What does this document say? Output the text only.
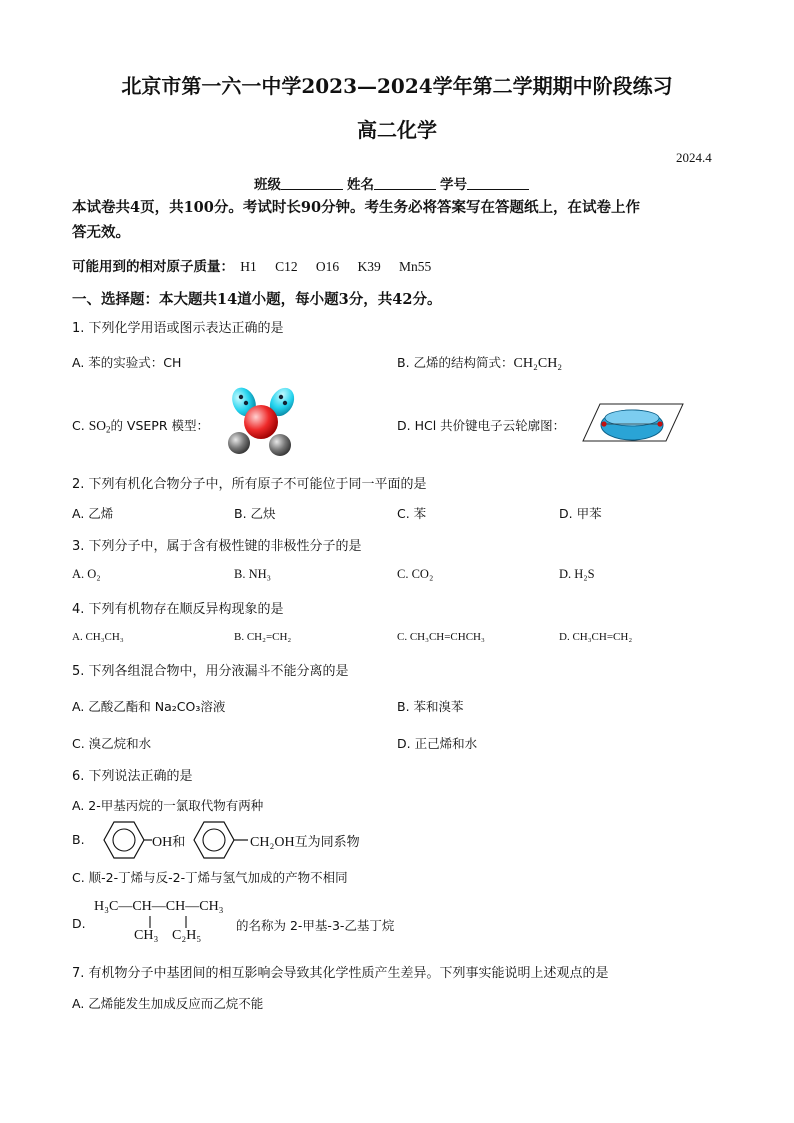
北京市第一六一中学2023—2024学年第二学期期中阶段练习
高二化学
2024.4
班级	姓名	学号
本试卷共4页，共100分。考试时长90分钟。考生务必将答案写在答题纸上，在试卷上作
答无效。
可能用到的相对原子质量： H1 C12 O16 K39 Mn55
一、选择题：本大题共14道小题，每小题3分，共42分。
1. 下列化学用语或图示表达正确的是
A. 苯的实验式：CH	B. 乙烯的结构简式：CH₂CH₂
C. $SO_2$的 VSEPR 模型：	D. HCl 共价键电子云轮廓图：
2. 下列有机化合物分子中，所有原子不可能位于同一平面的是
A. 乙烯	B. 乙炔	C. 苯	D. 甲苯
3. 下列分子中，属于含有极性键的非极性分子的是
A. O₂	B. NH₃	C. CO₂	D. H₂S
4. 下列有机物存在顺反异构现象的是
A. CH₃CH₃	B. CH₂=CH₂	C. CH₃CH=CHCH₃	D. CH₃CH=CH₂
5. 下列各组混合物中，用分液漏斗不能分离的是
A. 乙酸乙酯和 Na₂CO₃溶液	B. 苯和溴苯
C. 溴乙烷和水	D. 正己烯和水
6. 下列说法正确的是
A. 2-甲基丙烷的一氯取代物有两种
B.	OH和	CH₂OH互为同系物
C. 顺-2-丁烯与反-2-丁烯与氢气加成的产物不相同
D.
H₃C—CH—CH—CH₃
CH₃ C₂H₅
的名称为 2-甲基-3-乙基丁烷
7. 有机物分子中基团间的相互影响会导致其化学性质产生差异。下列事实能说明上述观点的是
A. 乙烯能发生加成反应而乙烷不能
